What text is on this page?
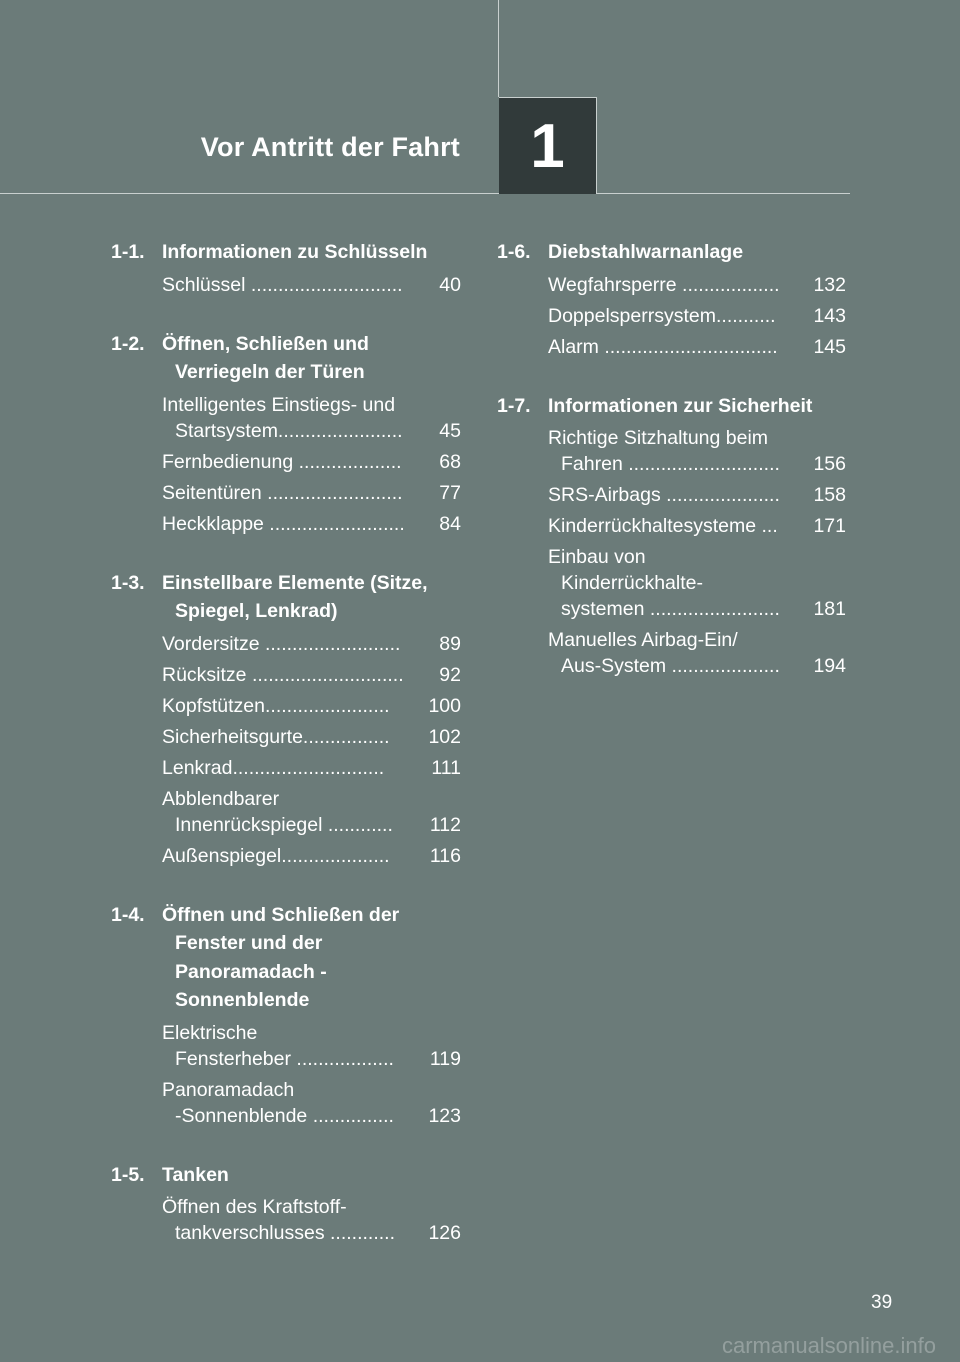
Vor Antritt der Fahrt 1
1-1. Informationen zu Schlüsseln
Schlüssel ............................ 40
1-2. Öffnen, Schließen und Verriegeln der Türen
Intelligentes Einstiegs- und
Startsystem....................... 45
Fernbedienung ................... 68
Seitentüren ......................... 77
Heckklappe ......................... 84
1-3. Einstellbare Elemente (Sitze, Spiegel, Lenkrad)
Vordersitze ......................... 89
Rücksitze ............................ 92
Kopfstützen....................... 100
Sicherheitsgurte................ 102
Lenkrad............................ 111
Abblendbarer
Innenrückspiegel ............ 112
Außenspiegel.................... 116
1-4. Öffnen und Schließen der Fenster und der Panoramadach -Sonnenblende
Elektrische
Fensterheber .................. 119
Panoramadach
-Sonnenblende ............... 123
1-5. Tanken
Öffnen des Kraftstoff-
tankverschlusses ............ 126
1-6. Diebstahlwarnanlage
Wegfahrsperre .................. 132
Doppelsperrsystem........... 143
Alarm ................................ 145
1-7. Informationen zur Sicherheit
Richtige Sitzhaltung beim
Fahren ............................ 156
SRS-Airbags ..................... 158
Kinderrückhaltesysteme ... 171
Einbau von
Kinderrückhalte-
systemen ........................ 181
Manuelles Airbag-Ein/
Aus-System .................... 194
39
carmanualsonline.info
